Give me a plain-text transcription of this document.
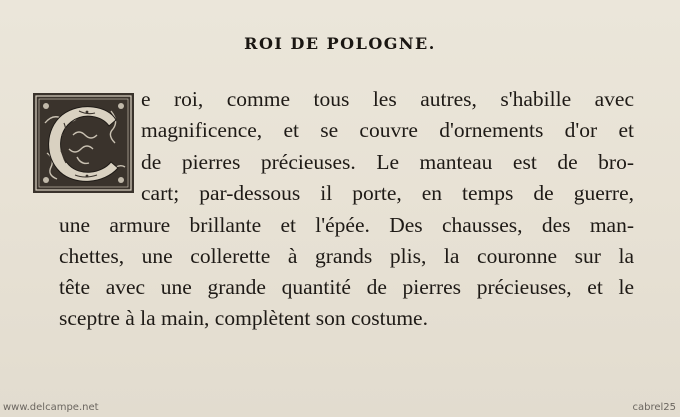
ROI DE POLOGNE.
e roi, comme tous les autres, s'habille avec
magnificence, et se couvre d'ornements d'or et
de pierres précieuses. Le manteau est de bro-
cart; par-dessous il porte, en temps de guerre,
une armure brillante et l'épée. Des chausses, des man-
chettes, une collerette à grands plis, la couronne sur la
tête avec une grande quantité de pierres précieuses, et le
sceptre à la main, complètent son costume.
www.delcampe.net	cabrel25
